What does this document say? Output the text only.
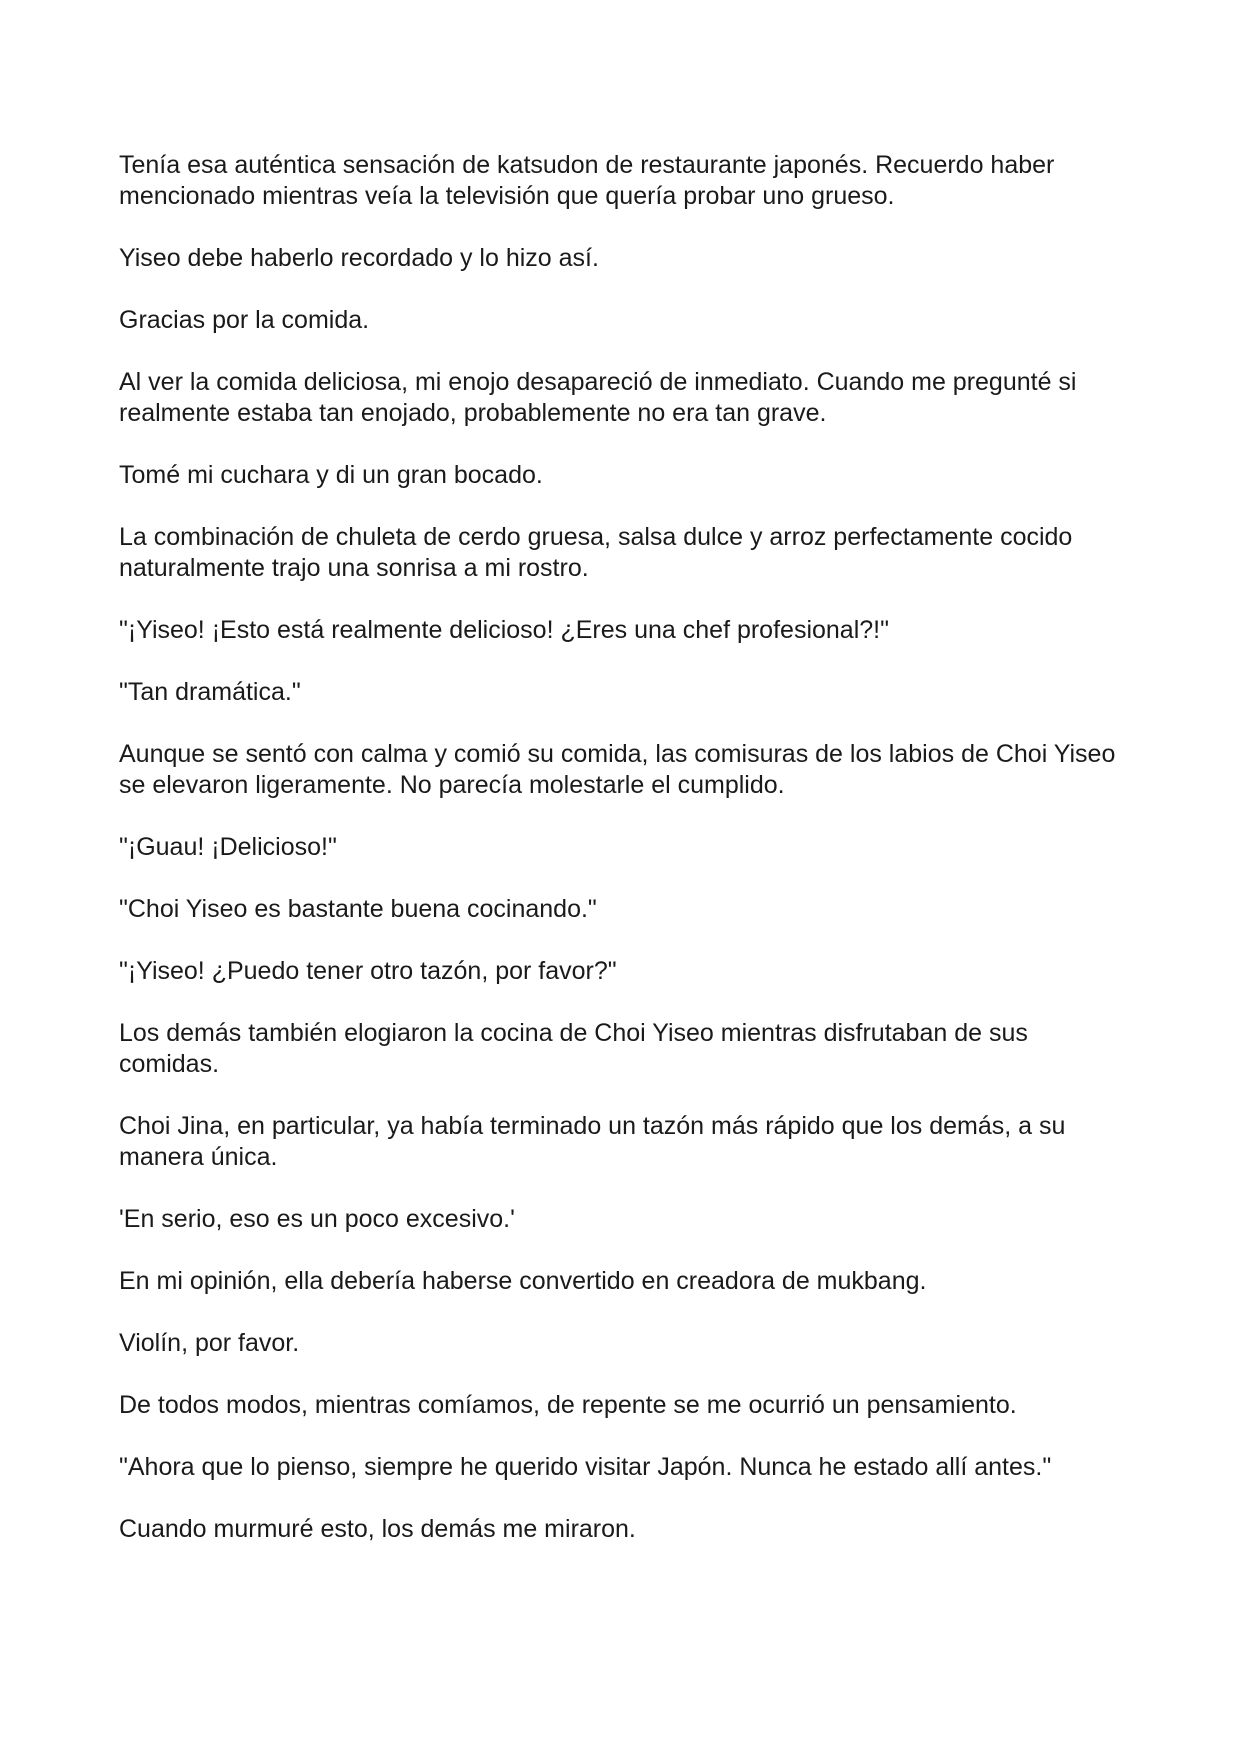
Tenía esa auténtica sensación de katsudon de restaurante japonés. Recuerdo haber mencionado mientras veía la televisión que quería probar uno grueso.

Yiseo debe haberlo recordado y lo hizo así.

Gracias por la comida.

Al ver la comida deliciosa, mi enojo desapareció de inmediato. Cuando me pregunté si realmente estaba tan enojado, probablemente no era tan grave.

Tomé mi cuchara y di un gran bocado.

La combinación de chuleta de cerdo gruesa, salsa dulce y arroz perfectamente cocido naturalmente trajo una sonrisa a mi rostro.

"¡Yiseo! ¡Esto está realmente delicioso! ¿Eres una chef profesional?!"

"Tan dramática."

Aunque se sentó con calma y comió su comida, las comisuras de los labios de Choi Yiseo se elevaron ligeramente. No parecía molestarle el cumplido.

"¡Guau! ¡Delicioso!"

"Choi Yiseo es bastante buena cocinando."

"¡Yiseo! ¿Puedo tener otro tazón, por favor?"

Los demás también elogiaron la cocina de Choi Yiseo mientras disfrutaban de sus comidas.

Choi Jina, en particular, ya había terminado un tazón más rápido que los demás, a su manera única.

'En serio, eso es un poco excesivo.'

En mi opinión, ella debería haberse convertido en creadora de mukbang.

Violín, por favor.

De todos modos, mientras comíamos, de repente se me ocurrió un pensamiento.

"Ahora que lo pienso, siempre he querido visitar Japón. Nunca he estado allí antes."

Cuando murmuré esto, los demás me miraron.
